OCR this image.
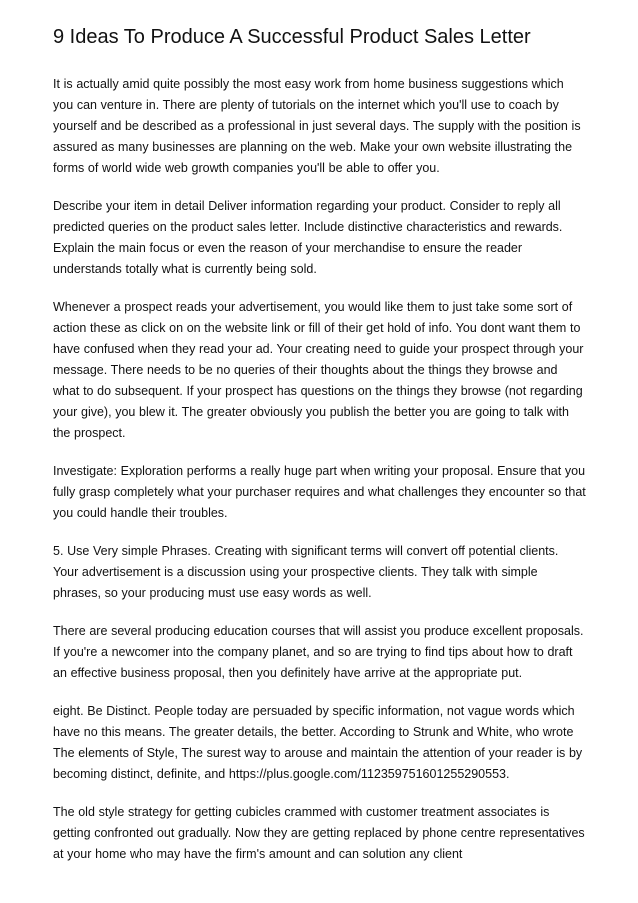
9 Ideas To Produce A Successful Product Sales Letter

It is actually amid quite possibly the most easy work from home business suggestions which you can venture in. There are plenty of tutorials on the internet which you'll use to coach by yourself and be described as a professional in just several days. The supply with the position is assured as many businesses are planning on the web. Make your own website illustrating the forms of world wide web growth companies you'll be able to offer you.

Describe your item in detail Deliver information regarding your product. Consider to reply all predicted queries on the product sales letter. Include distinctive characteristics and rewards. Explain the main focus or even the reason of your merchandise to ensure the reader understands totally what is currently being sold.

Whenever a prospect reads your advertisement, you would like them to just take some sort of action these as click on on the website link or fill of their get hold of info. You dont want them to have confused when they read your ad. Your creating need to guide your prospect through your message. There needs to be no queries of their thoughts about the things they browse and what to do subsequent. If your prospect has questions on the things they browse (not regarding your give), you blew it. The greater obviously you publish the better you are going to talk with the prospect.

Investigate: Exploration performs a really huge part when writing your proposal. Ensure that you fully grasp completely what your purchaser requires and what challenges they encounter so that you could handle their troubles.

5. Use Very simple Phrases. Creating with significant terms will convert off potential clients. Your advertisement is a discussion using your prospective clients. They talk with simple phrases, so your producing must use easy words as well.

There are several producing education courses that will assist you produce excellent proposals. If you're a newcomer into the company planet, and so are trying to find tips about how to draft an effective business proposal, then you definitely have arrive at the appropriate put.

eight. Be Distinct. People today are persuaded by specific information, not vague words which have no this means. The greater details, the better. According to Strunk and White, who wrote The elements of Style, The surest way to arouse and maintain the attention of your reader is by becoming distinct, definite, and https://plus.google.com/112359751601255290553.

The old style strategy for getting cubicles crammed with customer treatment associates is getting confronted out gradually. Now they are getting replaced by phone centre representatives at your home who may have the firm's amount and can solution any client
